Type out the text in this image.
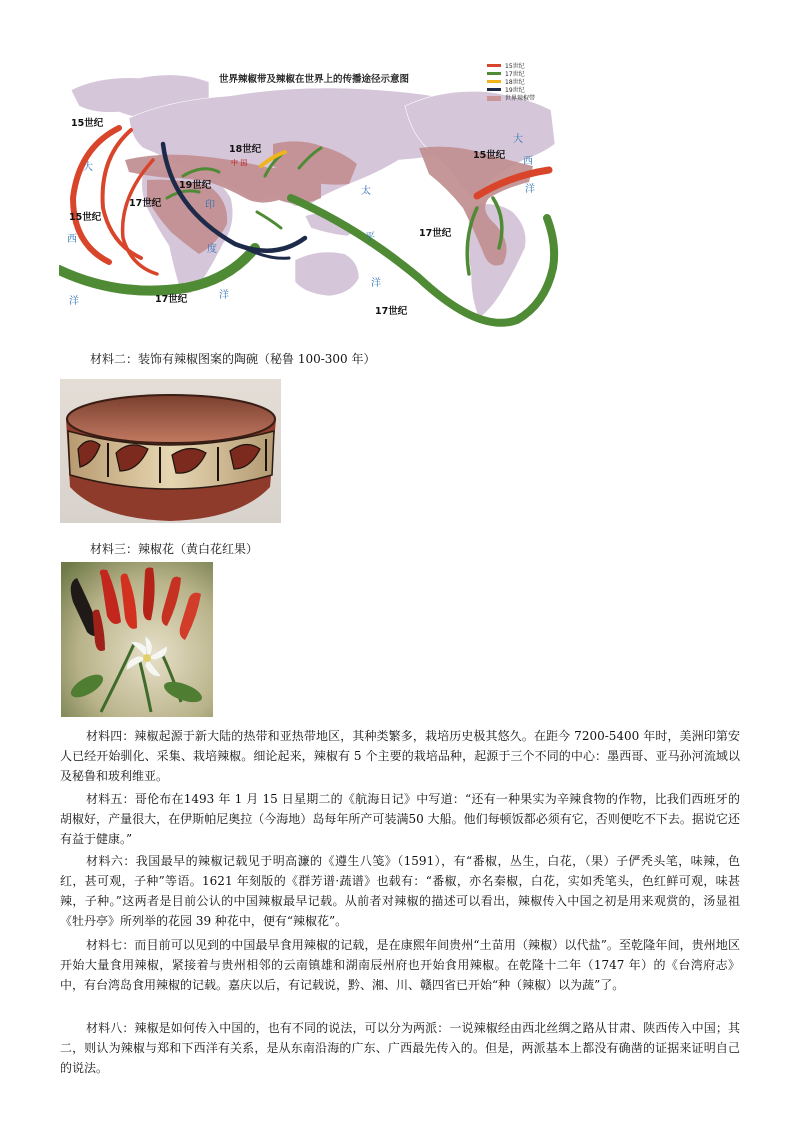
世界辣椒带及辣椒在世界上的传播途径示意图
15世纪
17世纪
18世纪
19世纪
世界辣椒带
15世纪
15世纪
17世纪
19世纪
18世纪
中 国
15世纪
17世纪
17世纪
17世纪
大
西
洋
印
度
洋
太
平
洋
大
西
洋
材料二：装饰有辣椒图案的陶碗（秘鲁 100-300 年）
材料三：辣椒花（黄白花红果）

材料四：辣椒起源于新大陆的热带和亚热带地区，其种类繁多，栽培历史极其悠久。在距今 7200-5400 年时，美洲印第安人已经开始驯化、采集、栽培辣椒。细论起来，辣椒有 5 个主要的栽培品种，起源于三个不同的中心：墨西哥、亚马孙河流域以及秘鲁和玻利维亚。

材料五：哥伦布在1493 年 1 月 15 日星期二的《航海日记》中写道：“还有一种果实为辛辣食物的作物，比我们西班牙的胡椒好，产量很大，在伊斯帕尼奥拉（今海地）岛每年所产可装满50 大船。他们每顿饭都必须有它，否则便吃不下去。据说它还有益于健康。”

材料六：我国最早的辣椒记载见于明高濂的《遵生八笺》（1591），有“番椒，丛生，白花，（果）子俨秃头笔，味辣，色红，甚可观，子种”等语。1621 年刻版的《群芳谱·蔬谱》也载有：“番椒，亦名秦椒，白花，实如秃笔头，色红鲜可观，味甚辣，子种。”这两者是目前公认的中国辣椒最早记载。从前者对辣椒的描述可以看出，辣椒传入中国之初是用来观赏的，汤显祖《牡丹亭》所列举的花园 39 种花中，便有“辣椒花”。

材料七：而目前可以见到的中国最早食用辣椒的记载，是在康熙年间贵州“土苗用（辣椒）以代盐”。至乾隆年间，贵州地区开始大量食用辣椒，紧接着与贵州相邻的云南镇雄和湖南辰州府也开始食用辣椒。在乾隆十二年（1747 年）的《台湾府志》中，有台湾岛食用辣椒的记载。嘉庆以后，有记载说，黔、湘、川、赣四省已开始“种（辣椒）以为蔬”了。

材料八：辣椒是如何传入中国的，也有不同的说法，可以分为两派：一说辣椒经由西北丝绸之路从甘肃、陕西传入中国；其二，则认为辣椒与郑和下西洋有关系，是从东南沿海的广东、广西最先传入的。但是，两派基本上都没有确凿的证据来证明自己的说法。
